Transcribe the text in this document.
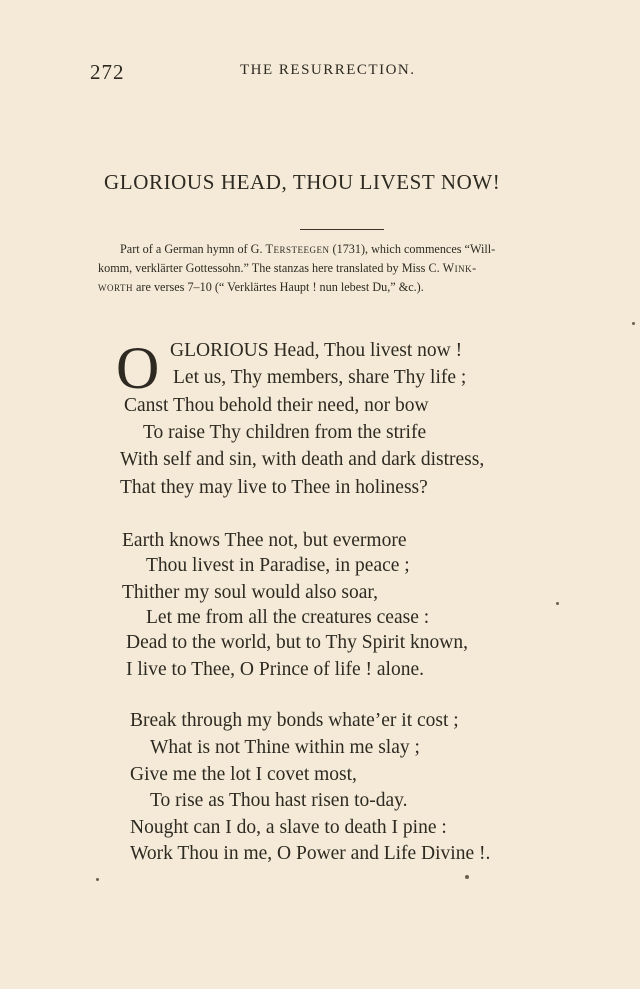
272	THE RESURRECTION.
GLORIOUS HEAD, THOU LIVEST NOW!
Part of a German hymn of G. Tersteegen (1731), which commences “Will-
komm, verklärter Gottessohn.” The stanzas here translated by Miss C. Wink-
worth are verses 7–10 (“ Verklärtes Haupt ! nun lebest Du,” &c.).
O GLORIOUS Head, Thou livest now !
Let us, Thy members, share Thy life ;
Canst Thou behold their need, nor bow
To raise Thy children from the strife
With self and sin, with death and dark distress,
That they may live to Thee in holiness?
Earth knows Thee not, but evermore
Thou livest in Paradise, in peace ;
Thither my soul would also soar,
Let me from all the creatures cease :
Dead to the world, but to Thy Spirit known,
I live to Thee, O Prince of life ! alone.
Break through my bonds whate’er it cost ;
What is not Thine within me slay ;
Give me the lot I covet most,
To rise as Thou hast risen to-day.
Nought can I do, a slave to death I pine :
Work Thou in me, O Power and Life Divine !.
